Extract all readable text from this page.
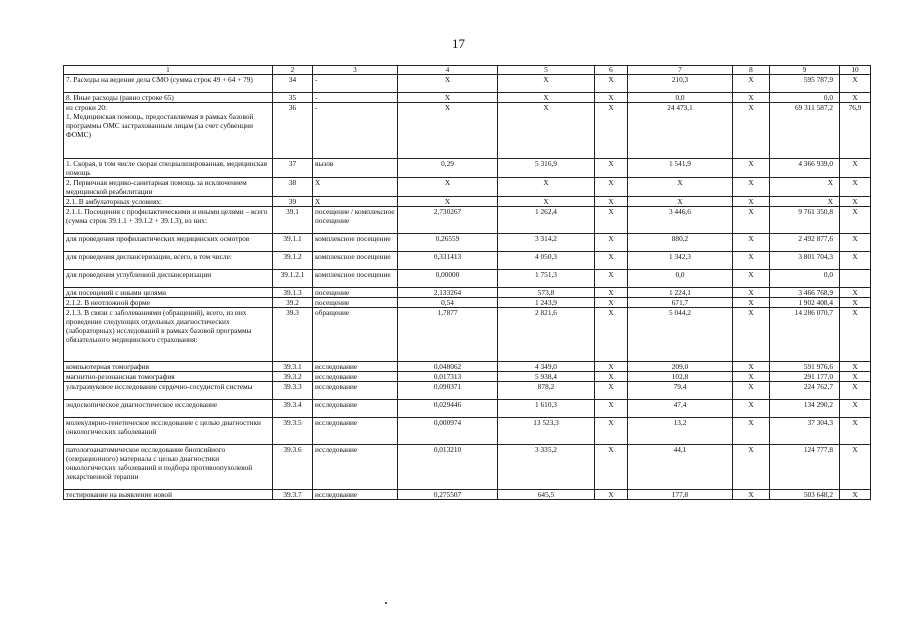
17
1	2	3	4	5	6	7	8	9	10
7. Расходы на ведение дела СМО (сумма строк 49 + 64 + 79)	34	-	X	X	X	210,3	X	595 787,9	X
8. Иные расходы (равно строке 65)	35	-	X	X	X	0,0	X	0,0	X
из строки 20:
1. Медицинская помощь, предоставляемая в рамках базовой программы ОМС застрахованным лицам (за счет субвенции ФОМС)	36	-	X	X	X	24 473,1	X	69 311 587,2	76,9
1. Скорая, в том числе скорая специализированная, медицинская помощь	37	вызов	0,29	5 316,9	X	1 541,9	X	4 366 939,0	X
2. Первичная медико-санитарная помощь за исключением медицинской реабилитации	38	X	X	X	X	X	X	X	X
2.1. В амбулаторных условиях:	39	X	X	X	X	X	X	X	X
2.1.1. Посещения с профилактическими и иными целями – всего (сумма строк 39.1.1 + 39.1.2 + 39.1.3), из них:	39.1	посещение / комплексное посещение	2,730267	1 262,4	X	3 446,6	X	9 761 350,8	X
для проведения профилактических медицинских осмотров	39.1.1	комплексное посещение	0,26559	3 314,2	X	880,2	X	2 492 877,6	X
для проведения диспансеризации, всего, в том числе:	39.1.2	комплексное посещение	0,331413	4 050,3	X	1 342,3	X	3 801 704,3	X
для проведения углубленной диспансеризации	39.1.2.1	комплексное посещение	0,00000	1 751,3	X	0,0	X	0,0	
для посещений с иными целями	39.1.3	посещение	2,133264	573,8	X	1 224,1	X	3 466 768,9	X
2.1.2. В неотложной форме	39.2	посещение	0,54	1 243,9	X	671,7	X	1 902 408,4	X
2.1.3. В связи с заболеваниями (обращений), всего, из них проведение следующих отдельных диагностических (лабораторных) исследований в рамках базовой программы обязательного медицинского страхования:	39.3	обращение	1,7877	2 821,6	X	5 044,2	X	14 286 070,7	X
компьютерная томография	39.3.1	исследование	0,048062	4 349,0	X	209,0	X	591 976,6	X
магнитно-резонансная томография	39.3.2	исследование	0,017313	5 938,4	X	102,8	X	291 177,0	X
ультразвуковое исследование сердечно-сосудистой системы	39.3.3	исследование	0,090371	878,2	X	79,4	X	224 762,7	X
эндоскопическое диагностическое исследование	39.3.4	исследование	0,029446	1 610,3	X	47,4	X	134 290,2	X
молекулярно-генетическое исследование с целью диагностики онкологических заболеваний	39.3.5	исследование	0,000974	13 523,3	X	13,2	X	37 304,3	X
патологоанатомическое исследование биопсийного (операционного) материала с целью диагностики онкологических заболеваний и подбора противоопухолевой лекарственной терапии	39.3.6	исследование	0,013210	3 335,2	X	44,1	X	124 777,8	X
тестирование на выявление новой	39.3.7	исследование	0,275507	645,5	X	177,8	X	503 648,2	X
